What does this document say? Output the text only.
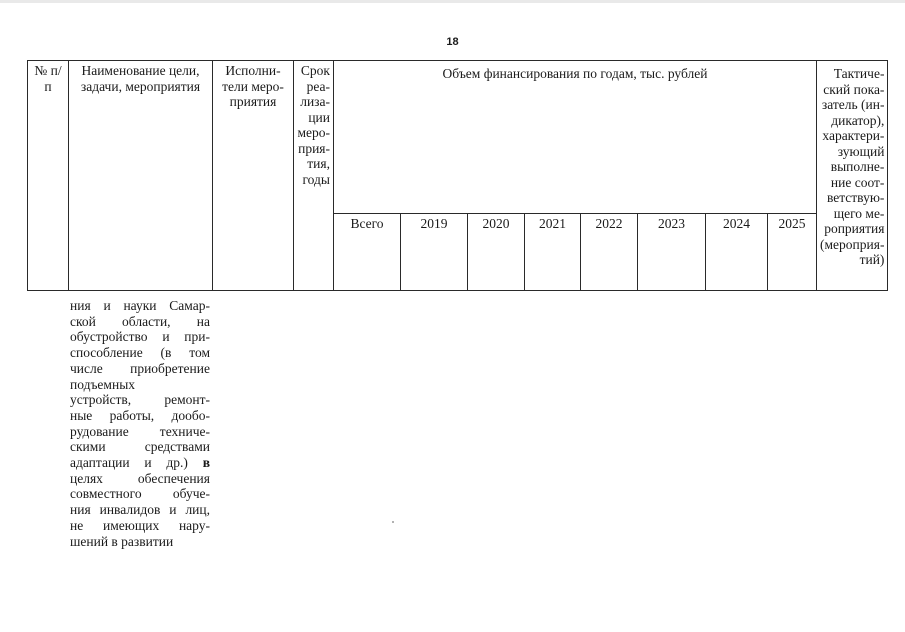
18
№ п/п	Наименование цели, задачи, мероприятия	Исполни-тели меро-приятия	Срок реа-лиза-ции меро-прия-тия, годы	Объем финансирования по годам, тыс. рублей								Тактиче-ский пока-затель (ин-дикатор), характери-зующий выполне-ние соот-ветствую-щего ме-роприятия (мероприя-тий)
				Всего	2019	2020	2021	2022	2023	2024	2025	
ния и науки Самар-
ской области, на
обустройство и при-
способление (в том
числе приобретение
подъемных
устройств, ремонт-
ные работы, дообо-
рудование техниче-
скими средствами
адаптации и др.) в
целях обеспечения
совместного обуче-
ния инвалидов и лиц,
не имеющих нару-
шений в развитии
